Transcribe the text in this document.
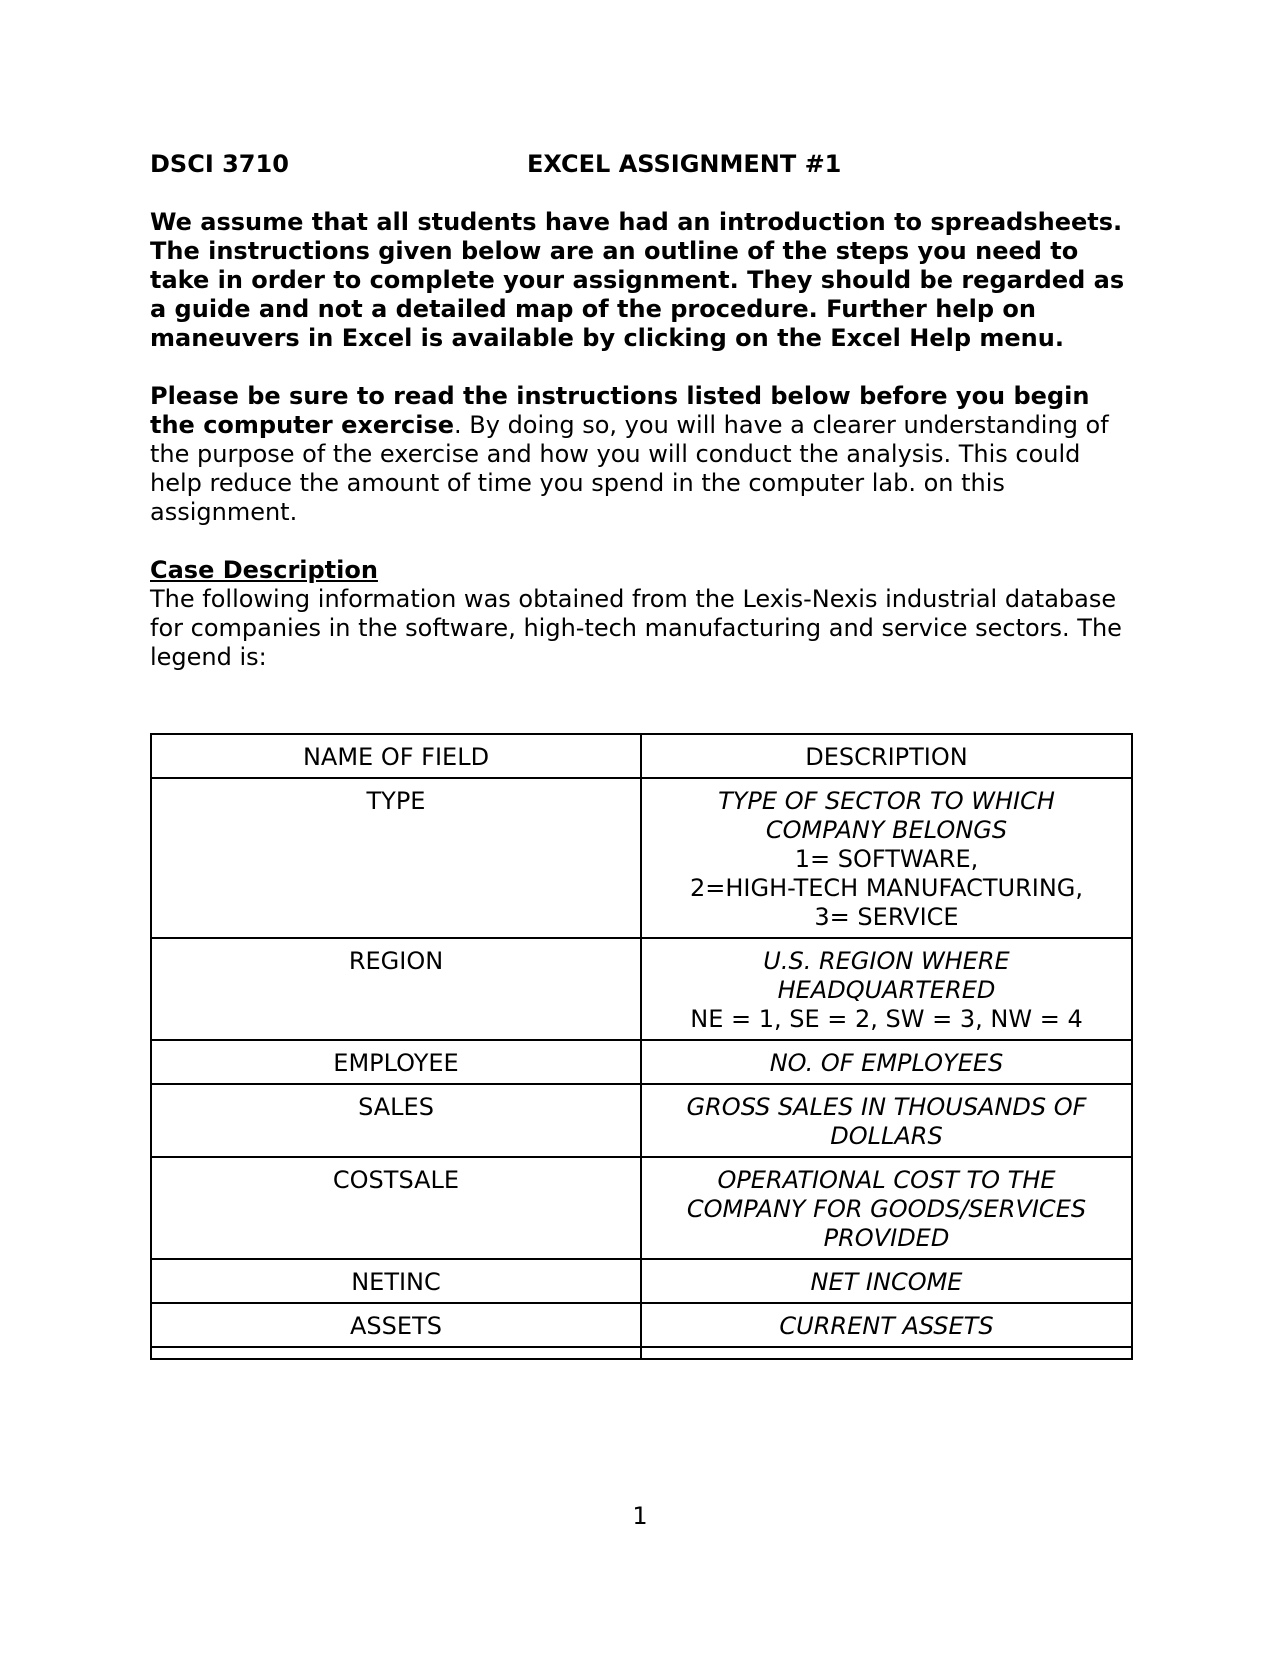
DSCI 3710	EXCEL ASSIGNMENT #1

We assume that all students have had an introduction to spreadsheets. The instructions given below are an outline of the steps you need to take in order to complete your assignment. They should be regarded as a guide and not a detailed map of the procedure. Further help on maneuvers in Excel is available by clicking on the Excel Help menu.

Please be sure to read the instructions listed below before you begin the computer exercise. By doing so, you will have a clearer understanding of the purpose of the exercise and how you will conduct the analysis. This could help reduce the amount of time you spend in the computer lab. on this assignment.

Case Description

The following information was obtained from the Lexis-Nexis industrial database for companies in the software, high-tech manufacturing and service sectors. The legend is:

NAME OF FIELD	DESCRIPTION
TYPE	TYPE OF SECTOR TO WHICH
COMPANY BELONGS
1= SOFTWARE,
2=HIGH-TECH MANUFACTURING,
3= SERVICE

REGION	U.S. REGION WHERE
HEADQUARTERED
NE = 1, SE = 2, SW = 3, NW = 4

EMPLOYEE	NO. OF EMPLOYEES

SALES	GROSS SALES IN THOUSANDS OF
DOLLARS

COSTSALE	OPERATIONAL COST TO THE
COMPANY FOR GOODS/SERVICES
PROVIDED

NETINC	NET INCOME

ASSETS	CURRENT ASSETS

1
